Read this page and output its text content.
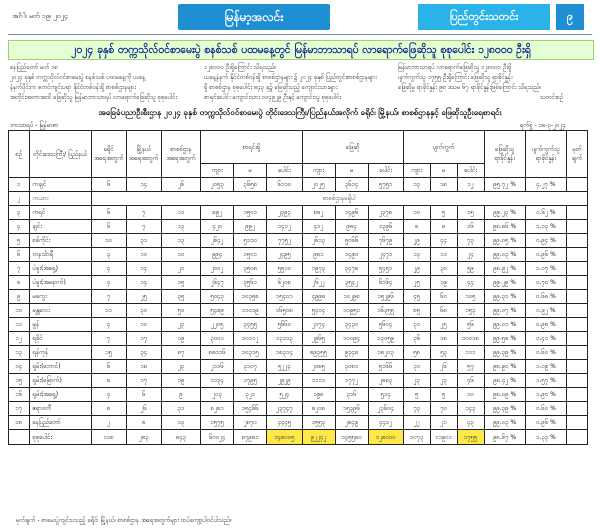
အင်္ဂါ၊ မတ် ၁၉၊ ၂၀၂၄	မြန်မာ့အလင်း	ပြည်တွင်းသတင်း	၉
၂၀၂၄ ခုနှစ် တက္ကသိုလ်ဝင်စာမေးပွဲ စနစ်သစ် ပထမနေ့တွင် မြန်မာဘာသာရပ် လာရောက်ဖြေဆိုသူ စုစုပေါင်း ၁၂၈၀၀၀ ဦးရှိ

နေပြည်တော် မတ် ၁၈

၂၀၂၄ ခုနှစ် တက္ကသိုလ်ဝင်စာမေးပွဲ စနစ်သစ် ပထမနေ့ကို ယနေ့

နံနက်ပိုင်းက စတင်ကျင်းပရာ နိုင်ငံတစ်ဝန်းရှိ စာစစ်ဌာနများ

အတိုင်းအတာအထိ ဖြေဆိုသူ မြန်မာဘာသာရပ် လာရောက်ဖြေဆိုသူ စုစုပေါင်း

၁၂၈၀၀၀ ဦးရှိကြောင်း သိရသည်။

ယနေ့နံနက် နိုင်ငံတစ်ဝန်းရှိ စာစစ်ဌာနများ ၌ ၂၀၂၄ ခုနှစ် ပြည်တွင်းစာစစ်ဌာနများ

ရှိ စာစစ်ဌာန စုစုပေါင်း ၈၄၃ ခု၌ ဖြေဆိုသည့် ကျောင်းသားများ

စာရင်းပေါင်း ကျောင်းသား ၁၀၄၉၂၉ ဦးနှင့် ကျောင်းသူ စုစုပေါင်း

မြန်မာဘာသာရပ် လာရောက်ဖြေဆိုသူ ၁၂၈၀၀၀ ဦးရှိ

ပျက်ကွက်သူ ၁၇၅၅ ဦးရှိကြောင်း ဖြေဆိုသူ ရာခိုင်နှုန်း

ဖြေဆိုမှု ရာခိုင်နှုန်း ၉၈ ဒသမ ၆၇ ရာခိုင်နှုန်းဖြစ်ကြောင်း သိရသည်။

သတင်းစဉ်
အခြေခံပညာဦးစီးဌာန ၂၀၂၄ ခုနှစ် တက္ကသိုလ်ဝင်စာမေးပွဲ တိုင်းဒေသကြီး/ပြည်နယ်အလိုက် ခရိုင်၊ မြို့နယ်၊ စာစစ်ဌာနနှင့် ဖြေဆိုသူဦးရေစာရင်း
ဘာသာရပ် - မြန်မာစာ	ရက်စွဲ - ၁၈-၃-၂၀၂၄
စဉ်	တိုင်းဒေသကြီး/ ပြည်နယ်	ခရိုင် အရေအတွက်	မြို့နယ် အရေအတွက်	စာစစ်ဌာန အရေအတွက်	စာရင်းရှိ			ဖြေဆို			ပျက်ကွက်			ဖြေဆိုသူ ရာခိုင်နှုန်း	ပျက်ကွက်သူ ရာခိုင်နှုန်း	မှတ် ချက်
					ကျား	မ	ပေါင်း	ကျား	မ	ပေါင်း	ကျား	မ	ပေါင်း			
၁	ကချင်	၆	၁၄	၂၆	၂၀၅၃	၃၆၅၈	၆၁၁၀	၂၀၂၅	၃၆၁၄	၅၇၅၁	၁၃	၁၈	၁၂	၉၅.၇၂ %	၄.၂၇ %	
၂	ကယား	စာစစ်ဌာနမရှိပါ														
၃	ကရင်	၆	၇	၁၁	၈၉၂	၁၅၀၁	၂၃၉၃	၈၈၂	၁၄၉၆	၂၃၇၈	၁၀	၅	၁၅	၉၉.၂၃ %	၀.၆၂ %	
၄	ချင်း	၆	၇	၁၃	၄၂၀	၉၉၂	၁၄၁၂	၄၁၂	၉၈၄	၁၃၉၆	၈	၈	၁၆	၉၈.၈၆ %	၁.၁၃ %	
၅	စစ်ကိုင်း	၁၀	၃၁	၁၃	၂၆၄၂	၅၁၁၀	၇၇၅၂	၂၆၁၃	၅၀၆၆	၇၆၇၉	၂၉	၄၄	၇၃	၉၉.၀၅ %	၀.၉၄ %	
၆	တနင်္သာရီ	၃	၁၀	၁၀	၉၉၄	၁၅၀၁	၂၄၉၅	၉၈၁	၁၄၉၀	၂၄၇၁	၁၃	၁၁	၂၄	၉၉.၀၃ %	၀.၉၆ %	
၇	ပဲခူး(အရှေ့)	၄	၁၄	၂၁	၂၀၀၂	၃၅၀၈	၅၅၁၀	၁၉၇၃	၃၄၇၈	၅၄၅၁	၂၉	၃၀	၅၉	၉၈.၉၂ %	၁.၀၇ %	
၈	ပဲခူး(အနောက်)	၄	၁၄	၁၅	၂၆၄၇	၃၅၆၁	၆၂၀၈	၂၆၂၂	၃၅၄၂	၆၁၆၄	၂၅	၁၉	၄၄	၉၉.၂၉ %	၀.၇၀ %	
၉	မကွေး	၇	၂၅	၃၅	၅၀၄၃	၁၀၃၅၈	၁၅၄၀၁	၄၉၉၈	၁၀၂၉၈	၁၅၂၉၆	၄၅	၆၀	၁၀၅	၉၉.၃၁ %	၀.၆၈ %	
၁၀	မန္တလေး	၁၁	၃၀	၅၀	၅၄၈၉	၁၁၀၁၉	၁၆၅၀၈	၅၄၀၄	၁၀၉၅၁	၁၆၃၅၅	၈၅	၆၈	၁၅၃	၉၉.၀၇ %	၀.၉၂ %	
၁၁	မွန်	၄	၁၀	၂၃	၂၂၀၅	၃၄၅၅	၅၆၆၀	၂၁၇၄	၃၄၃၀	၅၆၀၄	၃၁	၂၅	၅၆	၉၉.၀၁ %	၀.၉၈ %	
၁၂	ရခိုင်	၇	၁၇	၁၉	၃၀၀၁	၁၀၁၁၂	၁၃၁၁၃	၂၉၆၅	၁၀၀၉၄	၁၃၀၅၉	၃၆	၁၈	၁၀၀၁၈	၉၉.၅၈ %	၀.၄၁ %	
၁၃	ရန်ကုန်	၁၅	၃၄	၈၇	၈၈၀၁၆	၁၀၃၁၅	၁၈၃၁၄	၈၉၃၅၅	၉၃၄၈	၁၈၂၀၃	၅၈	၅၃	၁၁၁	၉၉.၃၉ %	၀.၆၀ %	
၁၄	ရှမ်း(တောင်)	၆	၁၈	၂၃	၂၁၁၆	၃၁၀၇	၅၂၂၃	၂၀၈၅	၃၀၈၁	၅၁၆၆	၃၁	၂၆	၅၇	၉၈.၉၀ %	၁.၀၉ %	
၁၅	ရှမ်း(မြောက်)	၈	၁၇	၁၉	၁၁၃၄	၁၇၉၅	၂၉၂၉	၁၁၁၁	၁၇၇၂	၂၈၈၃	၂၃	၂၃	၄၆	၉၈.၄၂ %	၁.၅၇ %	
၁၆	ရှမ်း(အရှေ့)	၄	၆	၉	၂၀၃	၃၂၁	၅၂၄	၁၉၈	၃၁၆	၅၁၄	၅	၅	၁၀	၉၈.၀၉ %	၁.၉၀ %	
၁၇	ဧရာဝတီ	၈	၂၆	၃၁	၈၂၈၁	၁၅၄၆၆	၂၃၇၄၇	၈၂၀၈	၁၅၃၉၆	၂၃၆၀၄	၇၃	၇၀	၁၄၃	၉၉.၃၉ %	၀.၆၀ %	
၁၈	နေပြည်တော်	၂	၈	၁၃	၁၅၇၅	၂၈၇၀	၄၄၄၅	၁၅၅၃	၂၈၄၉	၄၄၀၂	၂၂	၂၁	၄၃	၉၉.၀၃ %	၀.၉၆ %	
	စုစုပေါင်း	၁၁၈	၂၈၃	၈၄၃	၆၀၀၂၄	၈၇၉၈၁	၁၄၈၀၀၅	၉၂၂၄၂	၁၄၅၅၈၀	၁၂၈၀၀၀	၁၀၇၃	၁၁၉၀၁	၁၇၅၅	၉၈.၆၇ %	၁.၃၃ %	
မှတ်ချက် - စာမေးပွဲကျင်းပသည့် ခရိုင်၊ မြို့နယ်၊ စာစစ်ဌာန အရေအတွက်များ ထပ်ကျော့ပါဝင်ပါသည်။
